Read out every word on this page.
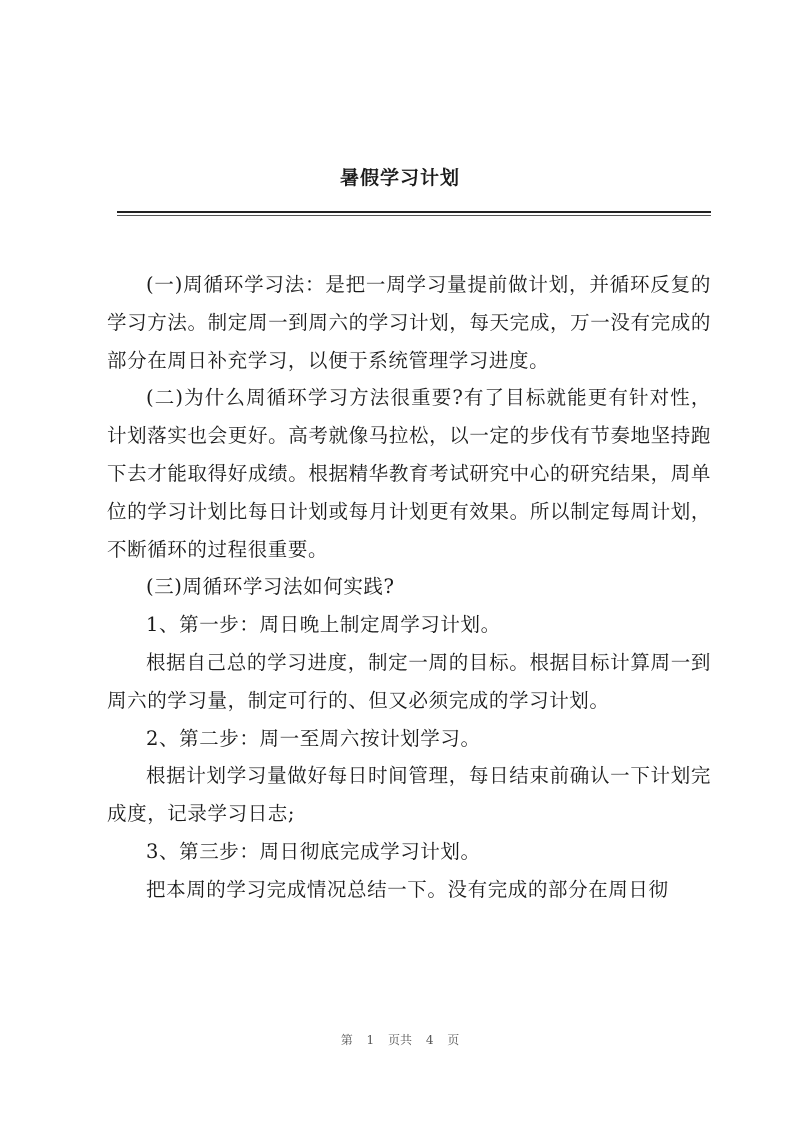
暑假学习计划

(一)周循环学习法：是把一周学习量提前做计划，并循环反复的学习方法。制定周一到周六的学习计划，每天完成，万一没有完成的部分在周日补充学习，以便于系统管理学习进度。

(二)为什么周循环学习方法很重要?有了目标就能更有针对性，计划落实也会更好。高考就像马拉松，以一定的步伐有节奏地坚持跑下去才能取得好成绩。根据精华教育考试研究中心的研究结果，周单位的学习计划比每日计划或每月计划更有效果。所以制定每周计划，不断循环的过程很重要。

(三)周循环学习法如何实践?

1、第一步：周日晚上制定周学习计划。

根据自己总的学习进度，制定一周的目标。根据目标计算周一到周六的学习量，制定可行的、但又必须完成的学习计划。

2、第二步：周一至周六按计划学习。

根据计划学习量做好每日时间管理，每日结束前确认一下计划完成度，记录学习日志;

3、第三步：周日彻底完成学习计划。

把本周的学习完成情况总结一下。没有完成的部分在周日彻

第 1 页共 4 页
